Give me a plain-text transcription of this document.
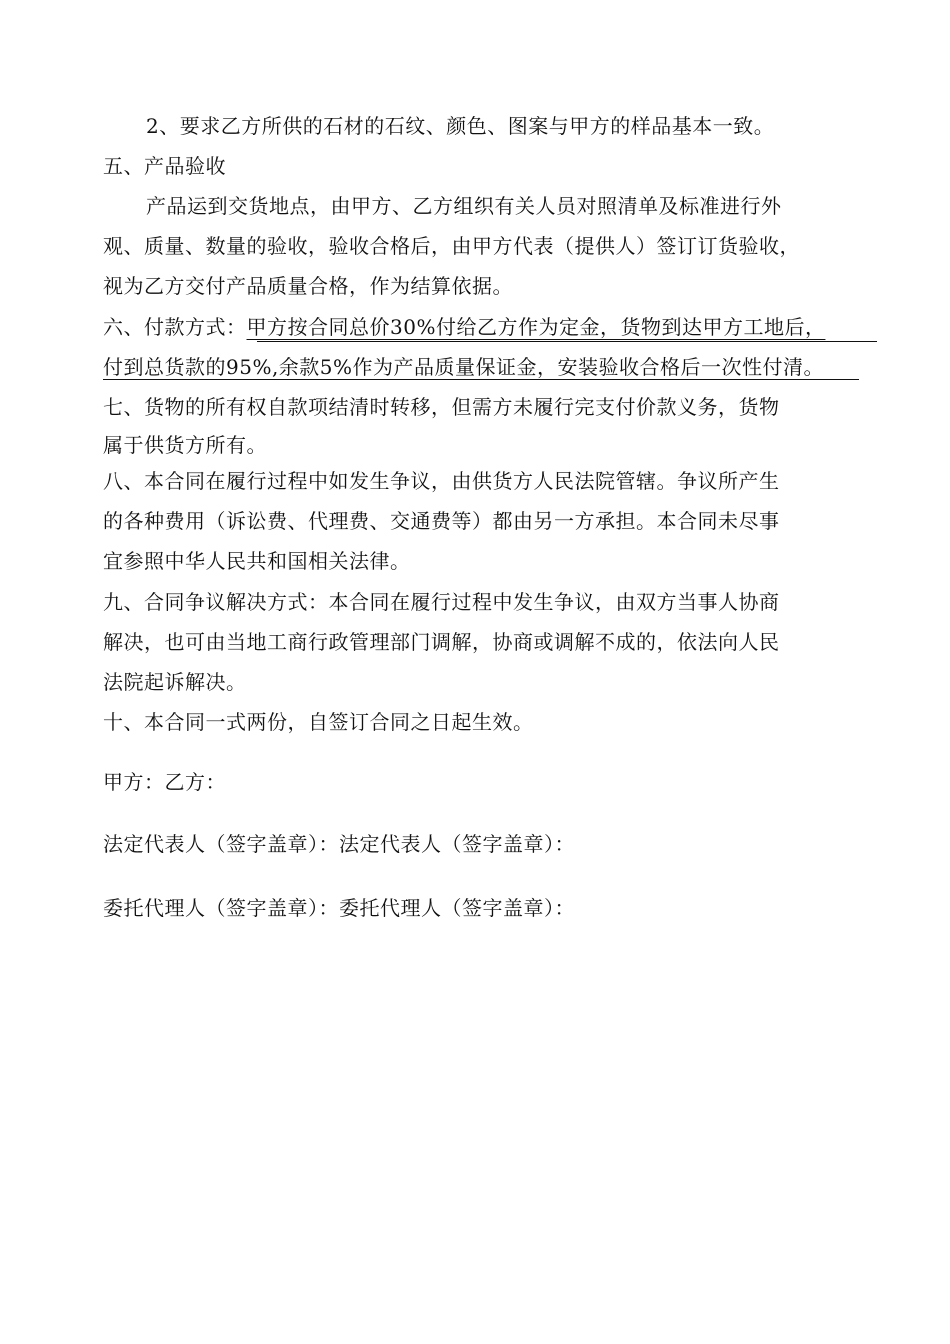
2、要求乙方所供的石材的石纹、颜色、图案与甲方的样品基本一致。
五、产品验收
产品运到交货地点，由甲方、乙方组织有关人员对照清单及标准进行外
观、质量、数量的验收，验收合格后，由甲方代表（提供人）签订订货验收，
视为乙方交付产品质量合格，作为结算依据。
六、付款方式：甲方按合同总价30%付给乙方作为定金，货物到达甲方工地后，
付到总货款的95%,余款5%作为产品质量保证金，安装验收合格后一次性付清。
七、货物的所有权自款项结清时转移，但需方未履行完支付价款义务，货物
属于供货方所有。
八、本合同在履行过程中如发生争议，由供货方人民法院管辖。争议所产生
的各种费用（诉讼费、代理费、交通费等）都由另一方承担。本合同未尽事
宜参照中华人民共和国相关法律。
九、合同争议解决方式：本合同在履行过程中发生争议，由双方当事人协商
解决，也可由当地工商行政管理部门调解，协商或调解不成的，依法向人民
法院起诉解决。
十、本合同一式两份，自签订合同之日起生效。
甲方：乙方：
法定代表人（签字盖章）：法定代表人（签字盖章）：
委托代理人（签字盖章）：委托代理人（签字盖章）：
